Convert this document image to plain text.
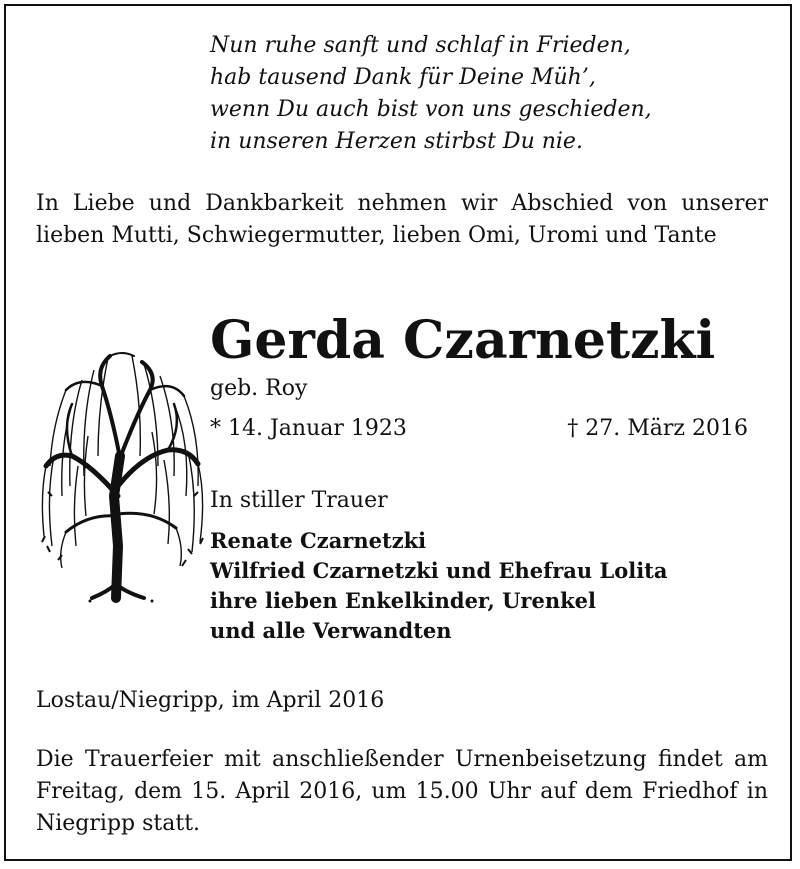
Nun ruhe sanft und schlaf in Frieden,
hab tausend Dank für Deine Müh’,
wenn Du auch bist von uns geschieden,
in unseren Herzen stirbst Du nie.
In Liebe und Dankbarkeit nehmen wir Abschied von unserer lieben Mutti, Schwiegermutter, lieben Omi, Uromi und Tante
Gerda Czarnetzki
geb. Roy
* 14. Januar 1923	† 27. März 2016
In stiller Trauer
Renate Czarnetzki
Wilfried Czarnetzki und Ehefrau Lolita
ihre lieben Enkelkinder, Urenkel
und alle Verwandten
Lostau/Niegripp, im April 2016
Die Trauerfeier mit anschließender Urnenbeisetzung findet am Freitag, dem 15. April 2016, um 15.00 Uhr auf dem Friedhof in Niegripp statt.
